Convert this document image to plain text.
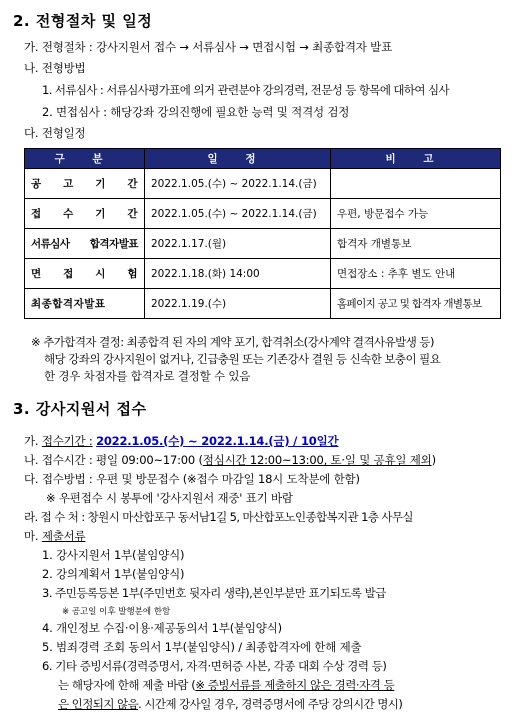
2. 전형절차 및 일정
가. 전형절차 : 강사지원서 접수 → 서류심사 → 면접시험 → 최종합격자 발표
나. 전형방법
1. 서류심사 : 서류심사평가표에 의거 관련분야 강의경력, 전문성 등 항목에 대하여 심사
2. 면접심사 : 해당강좌 강의진행에 필요한 능력 및 적격성 검정
다. 전형일정
구 분	일 정	비 고
공 고 기 간	2022.1.05.(수) ~ 2022.1.14.(금)	
접 수 기 간	2022.1.05.(수) ~ 2022.1.14.(금)	우편, 방문접수 가능
서류심사 합격자발표	2022.1.17.(월)	합격자 개별통보
면 접 시 험	2022.1.18.(화) 14:00	면접장소 : 추후 별도 안내
최종합격자발표	2022.1.19.(수)	홈페이지 공고 및 합격자 개별통보
※ 추가합격자 결정: 최종합격 된 자의 계약 포기, 합격취소(강사계약 결격사유발생 등)
해당 강좌의 강사지원이 없거나, 긴급충원 또는 기존강사 결원 등 신속한 보충이 필요
한 경우 차점자를 합격자로 결정할 수 있음
3. 강사지원서 접수
가. 접수기간 : 2022.1.05.(수) ~ 2022.1.14.(금) / 10일간
나. 접수시간 : 평일 09:00~17:00 (점심시간 12:00~13:00, 토·일 및 공휴일 제외)
다. 접수방법 : 우편 및 방문접수 (※접수 마감일 18시 도착분에 한함)
※ 우편접수 시 봉투에 '강사지원서 재중' 표기 바람
라. 접 수 처 : 창원시 마산합포구 동서남1길 5, 마산합포노인종합복지관 1층 사무실
마. 제출서류
1. 강사지원서 1부(붙임양식)
2. 강의계획서 1부(붙임양식)
3. 주민등록등본 1부(주민번호 뒷자리 생략),본인부분만 표기되도록 발급
※ 공고일 이후 발행분에 한함
4. 개인정보 수집·이용·제공동의서 1부(붙임양식)
5. 범죄경력 조회 동의서 1부(붙임양식) / 최종합격자에 한해 제출
6. 기타 증빙서류(경력증명서, 자격·면허증 사본, 각종 대회 수상 경력 등)
는 해당자에 한해 제출 바람 (※ 증빙서류를 제출하지 않은 경력·자격 등
은 인정되지 않음. 시간제 강사일 경우, 경력증명서에 주당 강의시간 명시)
